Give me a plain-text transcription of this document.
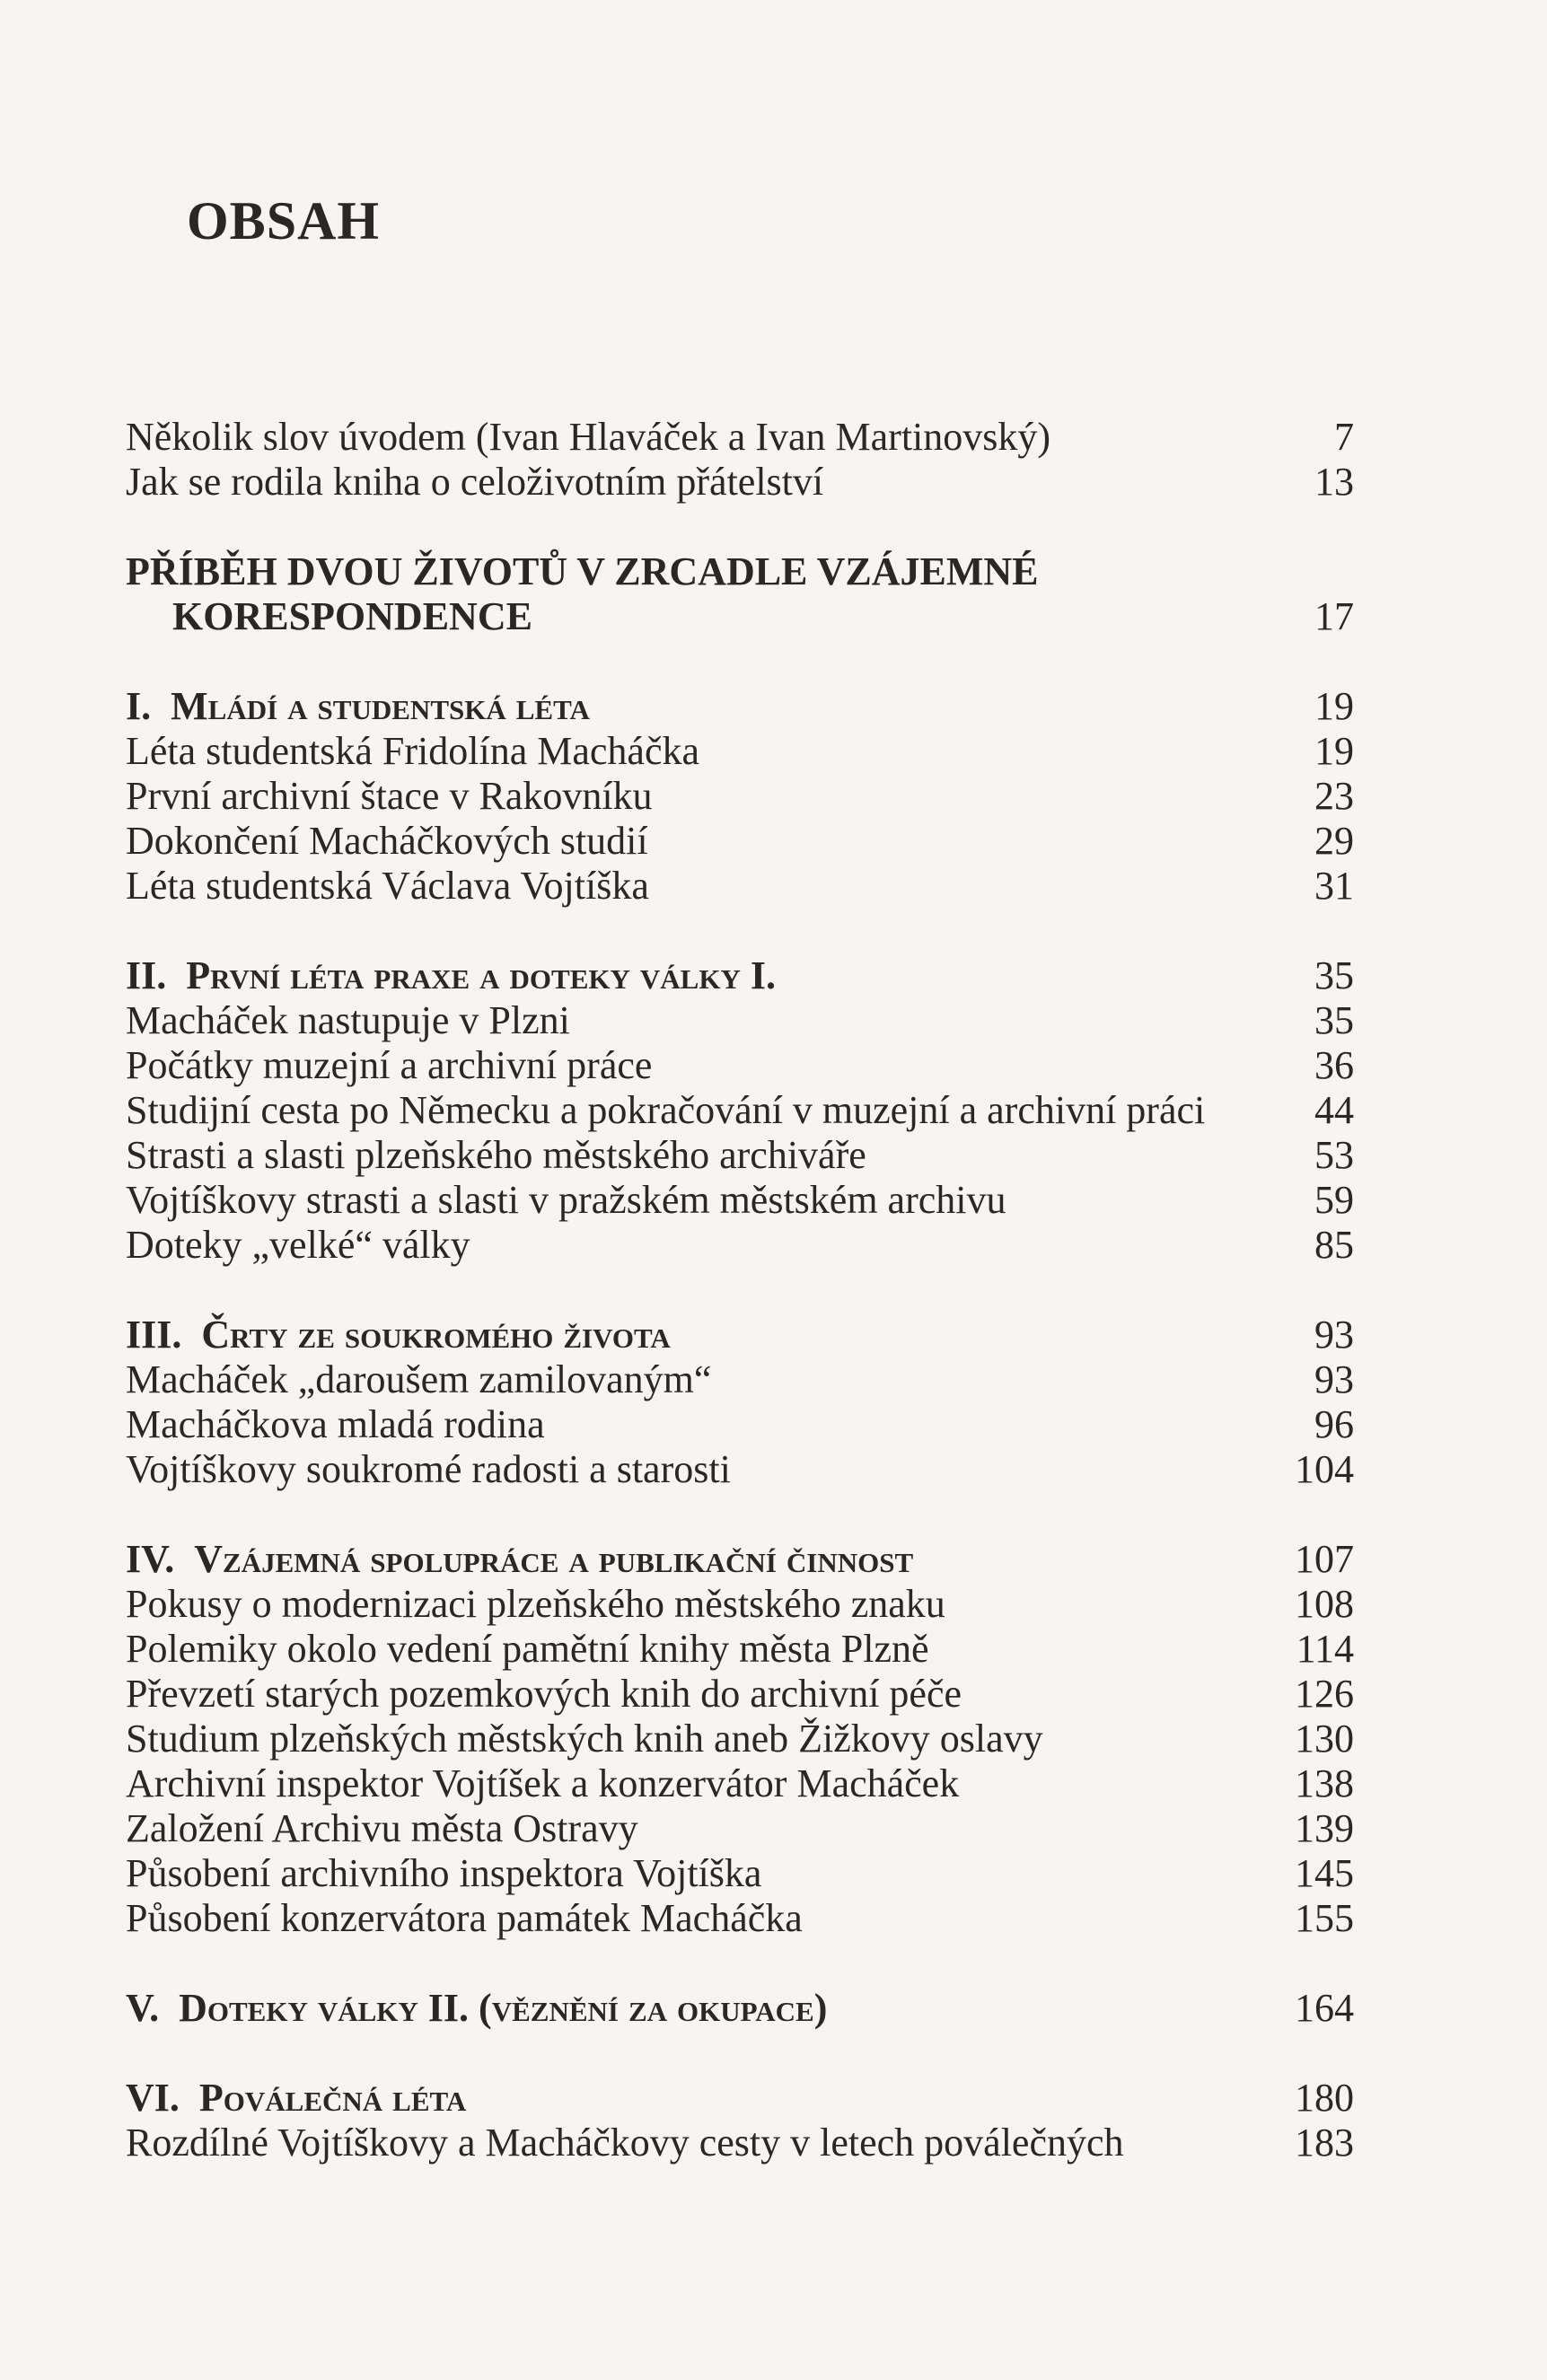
OBSAH
Několik slov úvodem (Ivan Hlaváček a Ivan Martinovský)	7
Jak se rodila kniha o celoživotním přátelství	13
PŘÍBĚH DVOU ŽIVOTŮ V ZRCADLE VZÁJEMNÉ
KORESPONDENCE	17
I. Mládí a studentská léta	19
Léta studentská Fridolína Macháčka	19
První archivní štace v Rakovníku	23
Dokončení Macháčkových studií	29
Léta studentská Václava Vojtíška	31
II. První léta praxe a doteky války I.	35
Macháček nastupuje v Plzni	35
Počátky muzejní a archivní práce	36
Studijní cesta po Německu a pokračování v muzejní a archivní práci	44
Strasti a slasti plzeňského městského archiváře	53
Vojtíškovy strasti a slasti v pražském městském archivu	59
Doteky „velké“ války	85
III. Črty ze soukromého života	93
Macháček „daroušem zamilovaným“	93
Macháčkova mladá rodina	96
Vojtíškovy soukromé radosti a starosti	104
IV. Vzájemná spolupráce a publikační činnost	107
Pokusy o modernizaci plzeňského městského znaku	108
Polemiky okolo vedení pamětní knihy města Plzně	114
Převzetí starých pozemkových knih do archivní péče	126
Studium plzeňských městských knih aneb Žižkovy oslavy	130
Archivní inspektor Vojtíšek a konzervátor Macháček	138
Založení Archivu města Ostravy	139
Působení archivního inspektora Vojtíška	145
Působení konzervátora památek Macháčka	155
V. Doteky války II. (věznění za okupace)	164
VI. Poválečná léta	180
Rozdílné Vojtíškovy a Macháčkovy cesty v letech poválečných	183
